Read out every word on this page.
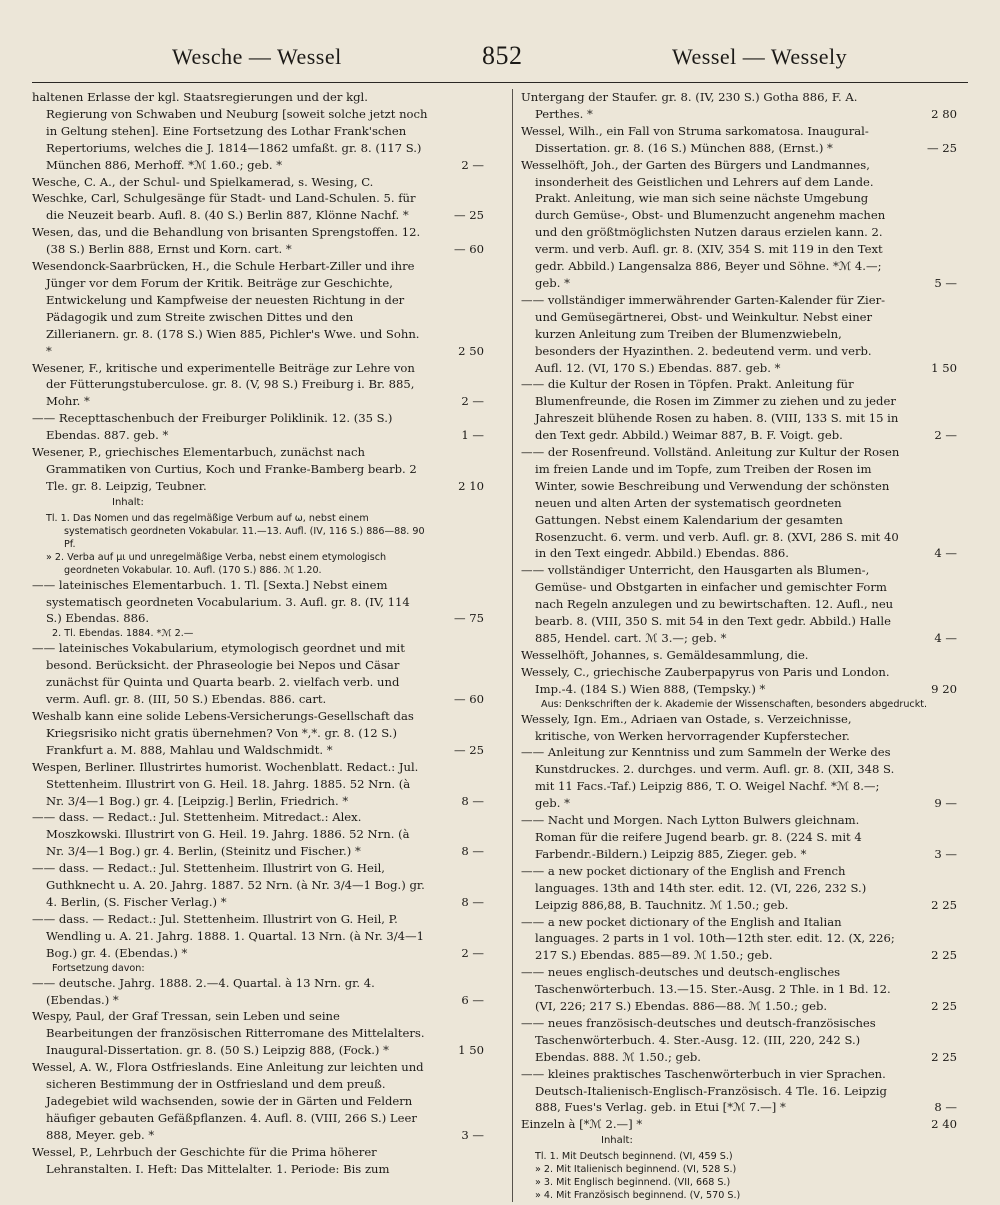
Wesche — Wessel	852	Wessel — Wessely

haltenen Erlasse der kgl. Staatsregierungen und der kgl. Regierung von Schwaben und Neuburg [soweit solche jetzt noch in Geltung stehen]. Eine Fortsetzung des Lothar Frank'schen Repertoriums, welches die J. 1814—1862 umfaßt. gr. 8. (117 S.) München 886, Merhoff. *ℳ 1.60.; geb. *	2 —

Wesche, C. A., der Schul- und Spielkamerad, s. Wesing, C.

Weschke, Carl, Schulgesänge für Stadt- und Land-Schulen. 5. für die Neuzeit bearb. Aufl. 8. (40 S.) Berlin 887, Klönne Nachf. *	— 25

Wesen, das, und die Behandlung von brisanten Sprengstoffen. 12. (38 S.) Berlin 888, Ernst und Korn. cart. *	— 60

Wesendonck-Saarbrücken, H., die Schule Herbart-Ziller und ihre Jünger vor dem Forum der Kritik. Beiträge zur Geschichte, Entwickelung und Kampfweise der neuesten Richtung in der Pädagogik und zum Streite zwischen Dittes und den Zillerianern. gr. 8. (178 S.) Wien 885, Pichler's Wwe. und Sohn. *	2 50

Wesener, F., kritische und experimentelle Beiträge zur Lehre von der Fütterungstuberculose. gr. 8. (V, 98 S.) Freiburg i. Br. 885, Mohr. *	2 —

—— Recepttaschenbuch der Freiburger Poliklinik. 12. (35 S.) Ebendas. 887. geb. *	1 —

Wesener, P., griechisches Elementarbuch, zunächst nach Grammatiken von Curtius, Koch und Franke-Bamberg bearb. 2 Tle. gr. 8. Leipzig, Teubner.	2 10

Inhalt:

Tl. 1. Das Nomen und das regelmäßige Verbum auf ω, nebst einem systematisch geordneten Vokabular. 11.—13. Aufl. (IV, 116 S.) 886—88. 90 Pf.

» 2. Verba auf μι und unregelmäßige Verba, nebst einem etymologisch geordneten Vokabular. 10. Aufl. (170 S.) 886. ℳ 1.20.

—— lateinisches Elementarbuch. 1. Tl. [Sexta.] Nebst einem systematisch geordneten Vocabularium. 3. Aufl. gr. 8. (IV, 114 S.) Ebendas. 886.	— 75

2. Tl. Ebendas. 1884. *ℳ 2.—

—— lateinisches Vokabularium, etymologisch geordnet und mit besond. Berücksicht. der Phraseologie bei Nepos und Cäsar zunächst für Quinta und Quarta bearb. 2. vielfach verb. und verm. Aufl. gr. 8. (III, 50 S.) Ebendas. 886. cart.	— 60

Weshalb kann eine solide Lebens-Versicherungs-Gesellschaft das Kriegsrisiko nicht gratis übernehmen? Von *,*. gr. 8. (12 S.) Frankfurt a. M. 888, Mahlau und Waldschmidt. *	— 25

Wespen, Berliner. Illustrirtes humorist. Wochenblatt. Redact.: Jul. Stettenheim. Illustrirt von G. Heil. 18. Jahrg. 1885. 52 Nrn. (à Nr. 3/4—1 Bog.) gr. 4. [Leipzig.] Berlin, Friedrich. *	8 —

—— dass. — Redact.: Jul. Stettenheim. Mitredact.: Alex. Moszkowski. Illustrirt von G. Heil. 19. Jahrg. 1886. 52 Nrn. (à Nr. 3/4—1 Bog.) gr. 4. Berlin, (Steinitz und Fischer.) *	8 —

—— dass. — Redact.: Jul. Stettenheim. Illustrirt von G. Heil, Guthknecht u. A. 20. Jahrg. 1887. 52 Nrn. (à Nr. 3/4—1 Bog.) gr. 4. Berlin, (S. Fischer Verlag.) *	8 —

—— dass. — Redact.: Jul. Stettenheim. Illustrirt von G. Heil, P. Wendling u. A. 21. Jahrg. 1888. 1. Quartal. 13 Nrn. (à Nr. 3/4—1 Bog.) gr. 4. (Ebendas.) *	2 —

Fortsetzung davon:

—— deutsche. Jahrg. 1888. 2.—4. Quartal. à 13 Nrn. gr. 4. (Ebendas.) *	6 —

Wespy, Paul, der Graf Tressan, sein Leben und seine Bearbeitungen der französischen Ritterromane des Mittelalters. Inaugural-Dissertation. gr. 8. (50 S.) Leipzig 888, (Fock.) *	1 50

Wessel, A. W., Flora Ostfrieslands. Eine Anleitung zur leichten und sicheren Bestimmung der in Ostfriesland und dem preuß. Jadegebiet wild wachsenden, sowie der in Gärten und Feldern häufiger gebauten Gefäßpflanzen. 4. Aufl. 8. (VIII, 266 S.) Leer 888, Meyer. geb. *	3 —

Wessel, P., Lehrbuch der Geschichte für die Prima höherer Lehranstalten. I. Heft: Das Mittelalter. 1. Periode: Bis zum

Untergang der Staufer. gr. 8. (IV, 230 S.) Gotha 886, F. A. Perthes. *	2 80

Wessel, Wilh., ein Fall von Struma sarkomatosa. Inaugural-Dissertation. gr. 8. (16 S.) München 888, (Ernst.) *	— 25

Wesselhöft, Joh., der Garten des Bürgers und Landmannes, insonderheit des Geistlichen und Lehrers auf dem Lande. Prakt. Anleitung, wie man sich seine nächste Umgebung durch Gemüse-, Obst- und Blumenzucht angenehm machen und den größtmöglichsten Nutzen daraus erzielen kann. 2. verm. und verb. Aufl. gr. 8. (XIV, 354 S. mit 119 in den Text gedr. Abbild.) Langensalza 886, Beyer und Söhne. *ℳ 4.—; geb. *	5 —

—— vollständiger immerwährender Garten-Kalender für Zier- und Gemüsegärtnerei, Obst- und Weinkultur. Nebst einer kurzen Anleitung zum Treiben der Blumenzwiebeln, besonders der Hyazinthen. 2. bedeutend verm. und verb. Aufl. 12. (VI, 170 S.) Ebendas. 887. geb. *	1 50

—— die Kultur der Rosen in Töpfen. Prakt. Anleitung für Blumenfreunde, die Rosen im Zimmer zu ziehen und zu jeder Jahreszeit blühende Rosen zu haben. 8. (VIII, 133 S. mit 15 in den Text gedr. Abbild.) Weimar 887, B. F. Voigt. geb.	2 —

—— der Rosenfreund. Vollständ. Anleitung zur Kultur der Rosen im freien Lande und im Topfe, zum Treiben der Rosen im Winter, sowie Beschreibung und Verwendung der schönsten neuen und alten Arten der systematisch geordneten Gattungen. Nebst einem Kalendarium der gesamten Rosenzucht. 6. verm. und verb. Aufl. gr. 8. (XVI, 286 S. mit 40 in den Text eingedr. Abbild.) Ebendas. 886.	4 —

—— vollständiger Unterricht, den Hausgarten als Blumen-, Gemüse- und Obstgarten in einfacher und gemischter Form nach Regeln anzulegen und zu bewirtschaften. 12. Aufl., neu bearb. 8. (VIII, 350 S. mit 54 in den Text gedr. Abbild.) Halle 885, Hendel. cart. ℳ 3.—; geb. *	4 —

Wesselhöft, Johannes, s. Gemäldesammlung, die.

Wessely, C., griechische Zauberpapyrus von Paris und London. Imp.-4. (184 S.) Wien 888, (Tempsky.) *	9 20

Aus: Denkschriften der k. Akademie der Wissenschaften, besonders abgedruckt.

Wessely, Ign. Em., Adriaen van Ostade, s. Verzeichnisse, kritische, von Werken hervorragender Kupferstecher.

—— Anleitung zur Kenntniss und zum Sammeln der Werke des Kunstdruckes. 2. durchges. und verm. Aufl. gr. 8. (XII, 348 S. mit 11 Facs.-Taf.) Leipzig 886, T. O. Weigel Nachf. *ℳ 8.—; geb. *	9 —

—— Nacht und Morgen. Nach Lytton Bulwers gleichnam. Roman für die reifere Jugend bearb. gr. 8. (224 S. mit 4 Farbendr.-Bildern.) Leipzig 885, Zieger. geb. *	3 —

—— a new pocket dictionary of the English and French languages. 13th and 14th ster. edit. 12. (VI, 226, 232 S.) Leipzig 886,88, B. Tauchnitz. ℳ 1.50.; geb.	2 25

—— a new pocket dictionary of the English and Italian languages. 2 parts in 1 vol. 10th—12th ster. edit. 12. (X, 226; 217 S.) Ebendas. 885—89. ℳ 1.50.; geb.	2 25

—— neues englisch-deutsches und deutsch-englisches Taschenwörterbuch. 13.—15. Ster.-Ausg. 2 Thle. in 1 Bd. 12. (VI, 226; 217 S.) Ebendas. 886—88. ℳ 1.50.; geb.	2 25

—— neues französisch-deutsches und deutsch-französisches Taschenwörterbuch. 4. Ster.-Ausg. 12. (III, 220, 242 S.) Ebendas. 888. ℳ 1.50.; geb.	2 25

—— kleines praktisches Taschenwörterbuch in vier Sprachen. Deutsch-Italienisch-Englisch-Französisch. 4 Tle. 16. Leipzig 888, Fues's Verlag. geb. in Etui [*ℳ 7.—] *	8 —

Einzeln à [*ℳ 2.—] *	2 40

Inhalt:

Tl. 1. Mit Deutsch beginnend. (VI, 459 S.)

» 2. Mit Italienisch beginnend. (VI, 528 S.)

» 3. Mit Englisch beginnend. (VII, 668 S.)

» 4. Mit Französisch beginnend. (V, 570 S.)
